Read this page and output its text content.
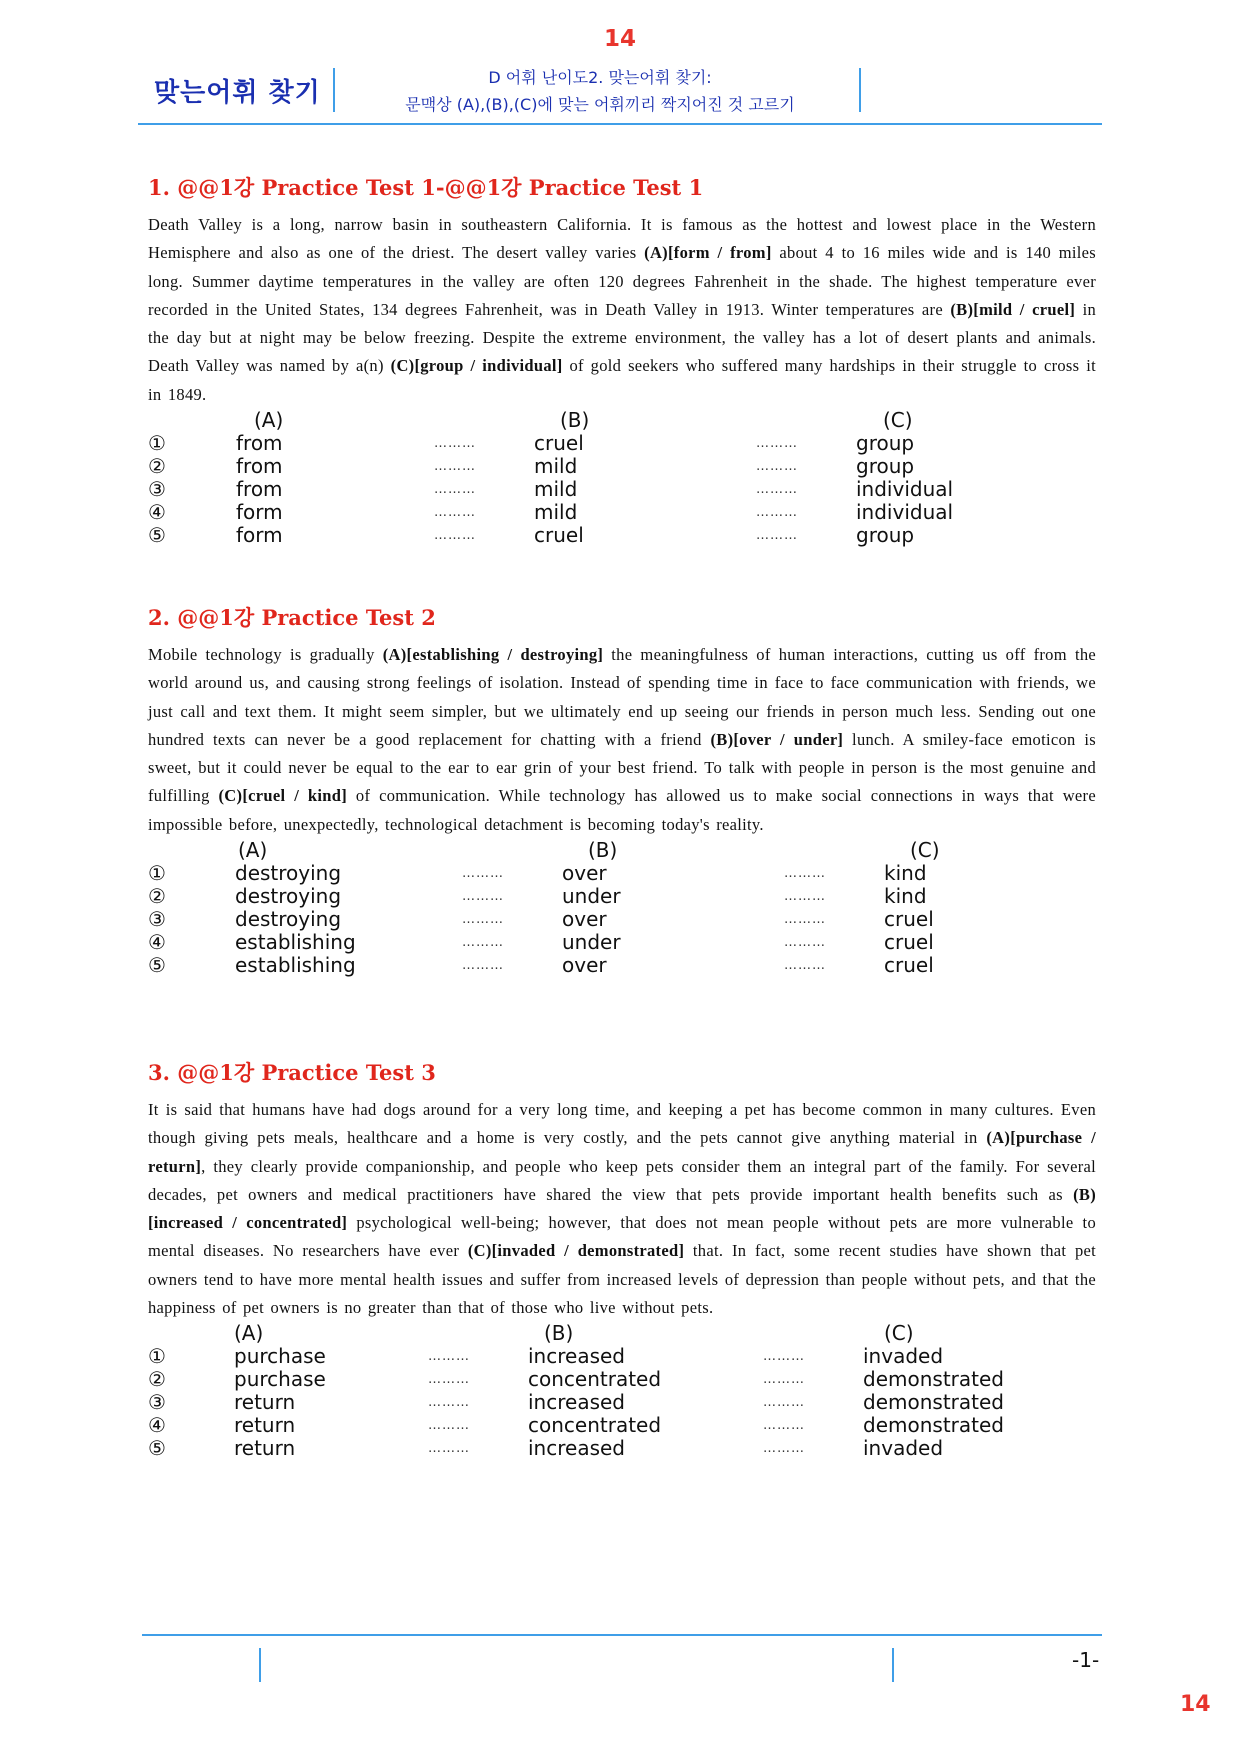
14
맞는어휘 찾기
D 어휘 난이도2. 맞는어휘 찾기:
문맥상 (A),(B),(C)에 맞는 어휘끼리 짝지어진 것 고르기
1. @@1강 Practice Test 1-@@1강 Practice Test 1

Death Valley is a long, narrow basin in southeastern California. It is famous as the hottest and lowest place in the Western Hemisphere and also as one of the driest. The desert valley varies (A)[form / from] about 4 to 16 miles wide and is 140 miles long. Summer daytime temperatures in the valley are often 120 degrees Fahrenheit in the shade. The highest temperature ever recorded in the United States, 134 degrees Fahrenheit, was in Death Valley in 1913. Winter temperatures are (B)[mild / cruel] in the day but at night may be below freezing. Despite the extreme environment, the valley has a lot of desert plants and animals. Death Valley was named by a(n) (C)[group / individual] of gold seekers who suffered many hardships in their struggle to cross it in 1849.

(A)	(B)	(C)
①	from	………	cruel	………	group
②	from	………	mild	………	group
③	from	………	mild	………	individual
④	form	………	mild	………	individual
⑤	form	………	cruel	………	group
2. @@1강 Practice Test 2

Mobile technology is gradually (A)[establishing / destroying] the meaningfulness of human interactions, cutting us off from the world around us, and causing strong feelings of isolation. Instead of spending time in face to face communication with friends, we just call and text them. It might seem simpler, but we ultimately end up seeing our friends in person much less. Sending out one hundred texts can never be a good replacement for chatting with a friend (B)[over / under] lunch. A smiley-face emoticon is sweet, but it could never be equal to the ear to ear grin of your best friend. To talk with people in person is the most genuine and fulfilling (C)[cruel / kind] of communication. While technology has allowed us to make social connections in ways that were impossible before, unexpectedly, technological detachment is becoming today's reality.

(A)	(B)	(C)
①	destroying	………	over	………	kind
②	destroying	………	under	………	kind
③	destroying	………	over	………	cruel
④	establishing	………	under	………	cruel
⑤	establishing	………	over	………	cruel
3. @@1강 Practice Test 3

It is said that humans have had dogs around for a very long time, and keeping a pet has become common in many cultures. Even though giving pets meals, healthcare and a home is very costly, and the pets cannot give anything material in (A)[purchase / return], they clearly provide companionship, and people who keep pets consider them an integral part of the family. For several decades, pet owners and medical practitioners have shared the view that pets provide important health benefits such as (B)[increased / concentrated] psychological well-being; however, that does not mean people without pets are more vulnerable to mental diseases. No researchers have ever (C)[invaded / demonstrated] that. In fact, some recent studies have shown that pet owners tend to have more mental health issues and suffer from increased levels of depression than people without pets, and that the happiness of pet owners is no greater than that of those who live without pets.

(A)	(B)	(C)
①	purchase	………	increased	………	invaded
②	purchase	………	concentrated	………	demonstrated
③	return	………	increased	………	demonstrated
④	return	………	concentrated	………	demonstrated
⑤	return	………	increased	………	invaded
-1-
14
